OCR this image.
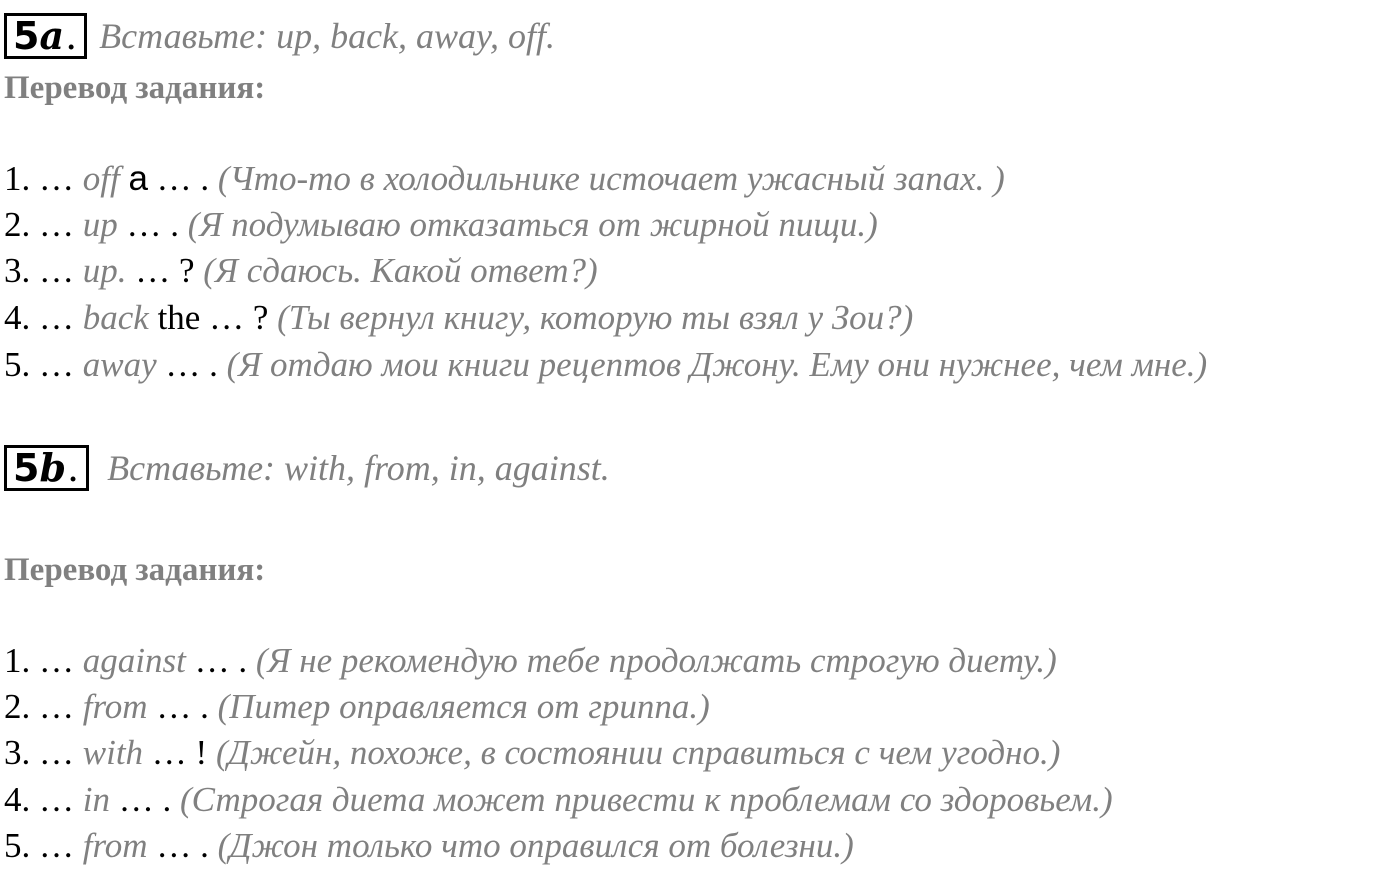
5 a . Вставьте: up, back, away, off.
Перевод задания:
1. … off a … . (Что-то в холодильнике источает ужасный запах. )
2. … up … . (Я подумываю отказаться от жирной пищи.)
3. … up. … ? (Я сдаюсь. Какой ответ?)
4. … back the … ? (Ты вернул книгу, которую ты взял у Зои?)
5. … away … . (Я отдаю мои книги рецептов Джону. Ему они нужнее, чем мне.)
5 b . Вставьте: with, from, in, against.
Перевод задания:
1. … against … . (Я не рекомендую тебе продолжать строгую диету.)
2. … from … . (Питер оправляется от гриппа.)
3. … with … ! (Джейн, похоже, в состоянии справиться с чем угодно.)
4. … in … . (Строгая диета может привести к проблемам со здоровьем.)
5. … from … . (Джон только что оправился от болезни.)
